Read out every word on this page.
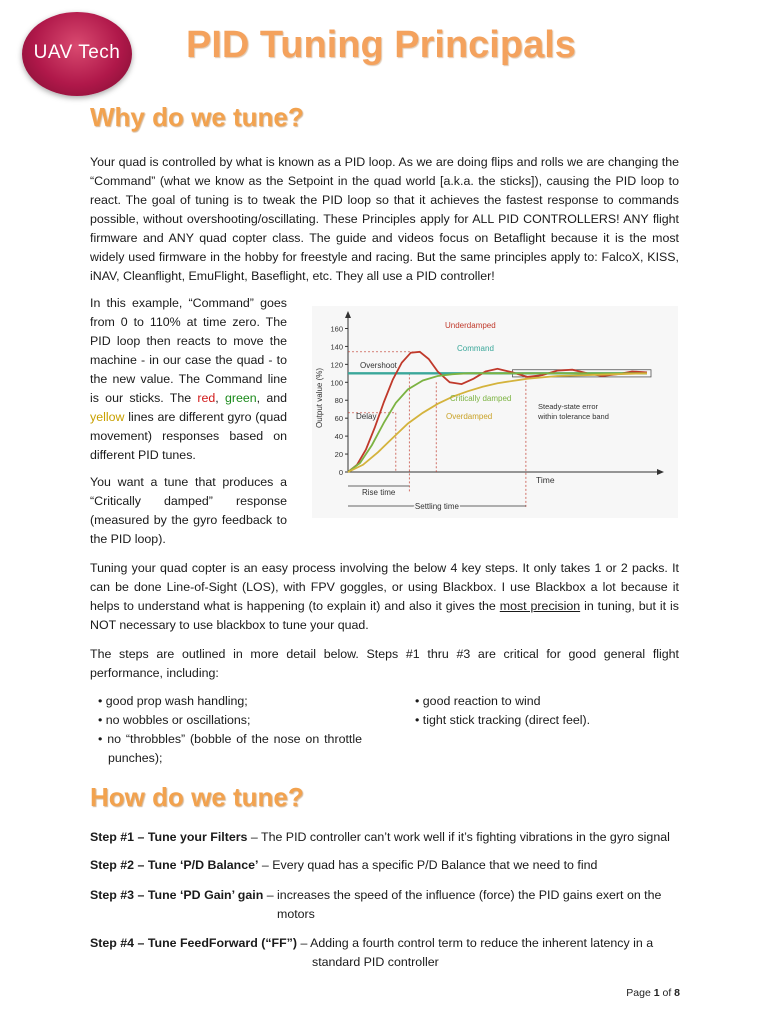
UAV Tech	PID Tuning Principals
Why do we tune?

Your quad is controlled by what is known as a PID loop. As we are doing flips and rolls we are changing the “Command” (what we know as the Setpoint in the quad world [a.k.a. the sticks]), causing the PID loop to react. The goal of tuning is to tweak the PID loop so that it achieves the fastest response to commands possible, without overshooting/oscillating. These Principles apply for ALL PID CONTROLLERS! ANY flight firmware and ANY quad copter class. The guide and videos focus on Betaflight because it is the most widely used firmware in the hobby for freestyle and racing. But the same principles apply to: FalcoX, KISS, iNAV, Cleanflight, EmuFlight, Baseflight, etc. They all use a PID controller!

In this example, “Command” goes from 0 to 110% at time zero. The PID loop then reacts to move the machine - in our case the quad - to the new value. The Command line is our sticks. The red, green, and yellow lines are different gyro (quad movement) responses based on different PID tunes.

You want a tune that produces a “Critically damped” response (measured by the gyro feedback to the PID loop).

0
20
40
60
80
100
120
140
160
Output value (%)
Underdamped
Command
Critically damped
Overdamped
Overshoot
Delay
Steady-state error
within tolerance band
Time
Rise time
Settling time

Tuning your quad copter is an easy process involving the below 4 key steps. It only takes 1 or 2 packs. It can be done Line-of-Sight (LOS), with FPV goggles, or using Blackbox. I use Blackbox a lot because it helps to understand what is happening (to explain it) and also it gives the most precision in tuning, but it is NOT necessary to use blackbox to tune your quad.

The steps are outlined in more detail below. Steps #1 thru #3 are critical for good general flight performance, including:

• good prop wash handling;
• no wobbles or oscillations;
• no “throbbles” (bobble of the nose on throttle punches);
• good reaction to wind
• tight stick tracking (direct feel).
How do we tune?

Step #1 – Tune your Filters – The PID controller can’t work well if it’s fighting vibrations in the gyro signal

Step #2 – Tune ‘P/D Balance’ – Every quad has a specific P/D Balance that we need to find

Step #3 – Tune ‘PD Gain’ gain – increases the speed of the influence (force) the PID gains exert on the

motors

Step #4 – Tune FeedForward (“FF”) – Adding a fourth control term to reduce the inherent latency in a

standard PID controller

Page 1 of 8
